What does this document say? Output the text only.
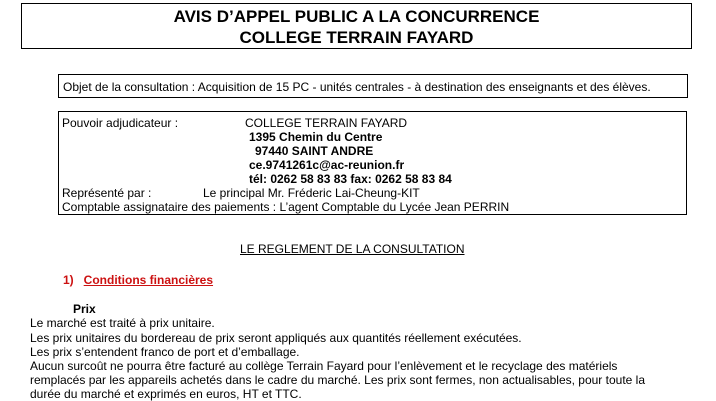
AVIS D’APPEL PUBLIC A LA CONCURRENCE
COLLEGE TERRAIN FAYARD
Objet de la consultation : Acquisition de 15 PC - unités centrales - à destination des enseignants et des élèves.
Pouvoir adjudicateur :	COLLEGE TERRAIN FAYARD
1395 Chemin du Centre
97440 SAINT ANDRE
ce.9741261c@ac-reunion.fr
tél: 0262 58 83 83 fax: 0262 58 83 84
Représenté par :	Le principal Mr. Fréderic Lai-Cheung-KIT
Comptable assignataire des paiements : L’agent Comptable du Lycée Jean PERRIN
LE REGLEMENT DE LA CONSULTATION
1) Conditions financières
Prix
Le marché est traité à prix unitaire.
Les prix unitaires du bordereau de prix seront appliqués aux quantités réellement exécutées.
Les prix s’entendent franco de port et d’emballage.
Aucun surcoût ne pourra être facturé au collège Terrain Fayard pour l’enlèvement et le recyclage des matériels
remplacés par les appareils achetés dans le cadre du marché. Les prix sont fermes, non actualisables, pour toute la
durée du marché et exprimés en euros, HT et TTC.
